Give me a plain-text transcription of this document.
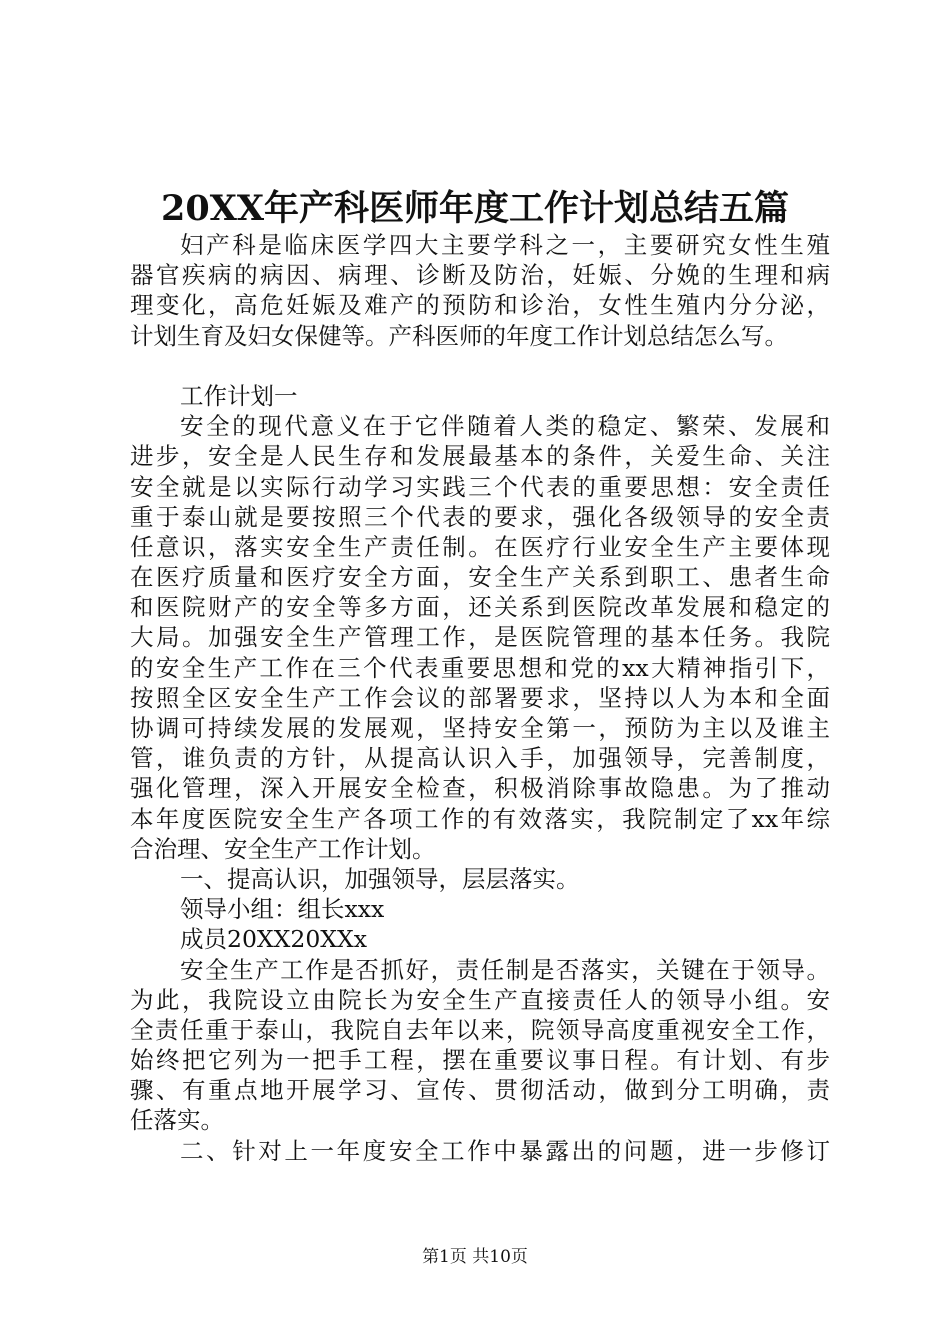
20XX年产科医师年度工作计划总结五篇
妇产科是临床医学四大主要学科之一，主要研究女性生殖
器官疾病的病因、病理、诊断及防治，妊娠、分娩的生理和病
理变化，高危妊娠及难产的预防和诊治，女性生殖内分分泌，
计划生育及妇女保健等。产科医师的年度工作计划总结怎么写。
工作计划一
安全的现代意义在于它伴随着人类的稳定、繁荣、发展和
进步，安全是人民生存和发展最基本的条件，关爱生命、关注
安全就是以实际行动学习实践三个代表的重要思想：安全责任
重于泰山就是要按照三个代表的要求，强化各级领导的安全责
任意识，落实安全生产责任制。在医疗行业安全生产主要体现
在医疗质量和医疗安全方面，安全生产关系到职工、患者生命
和医院财产的安全等多方面，还关系到医院改革发展和稳定的
大局。加强安全生产管理工作，是医院管理的基本任务。我院
的安全生产工作在三个代表重要思想和党的xx大精神指引下，
按照全区安全生产工作会议的部署要求，坚持以人为本和全面
协调可持续发展的发展观，坚持安全第一，预防为主以及谁主
管，谁负责的方针，从提高认识入手，加强领导，完善制度，
强化管理，深入开展安全检查，积极消除事故隐患。为了推动
本年度医院安全生产各项工作的有效落实，我院制定了xx年综
合治理、安全生产工作计划。
一、提高认识，加强领导，层层落实。
领导小组：组长xxx
成员20XX20XXx
安全生产工作是否抓好，责任制是否落实，关键在于领导。
为此，我院设立由院长为安全生产直接责任人的领导小组。安
全责任重于泰山，我院自去年以来，院领导高度重视安全工作，
始终把它列为一把手工程，摆在重要议事日程。有计划、有步
骤、有重点地开展学习、宣传、贯彻活动，做到分工明确，责
任落实。
二、针对上一年度安全工作中暴露出的问题，进一步修订
第1页 共10页
